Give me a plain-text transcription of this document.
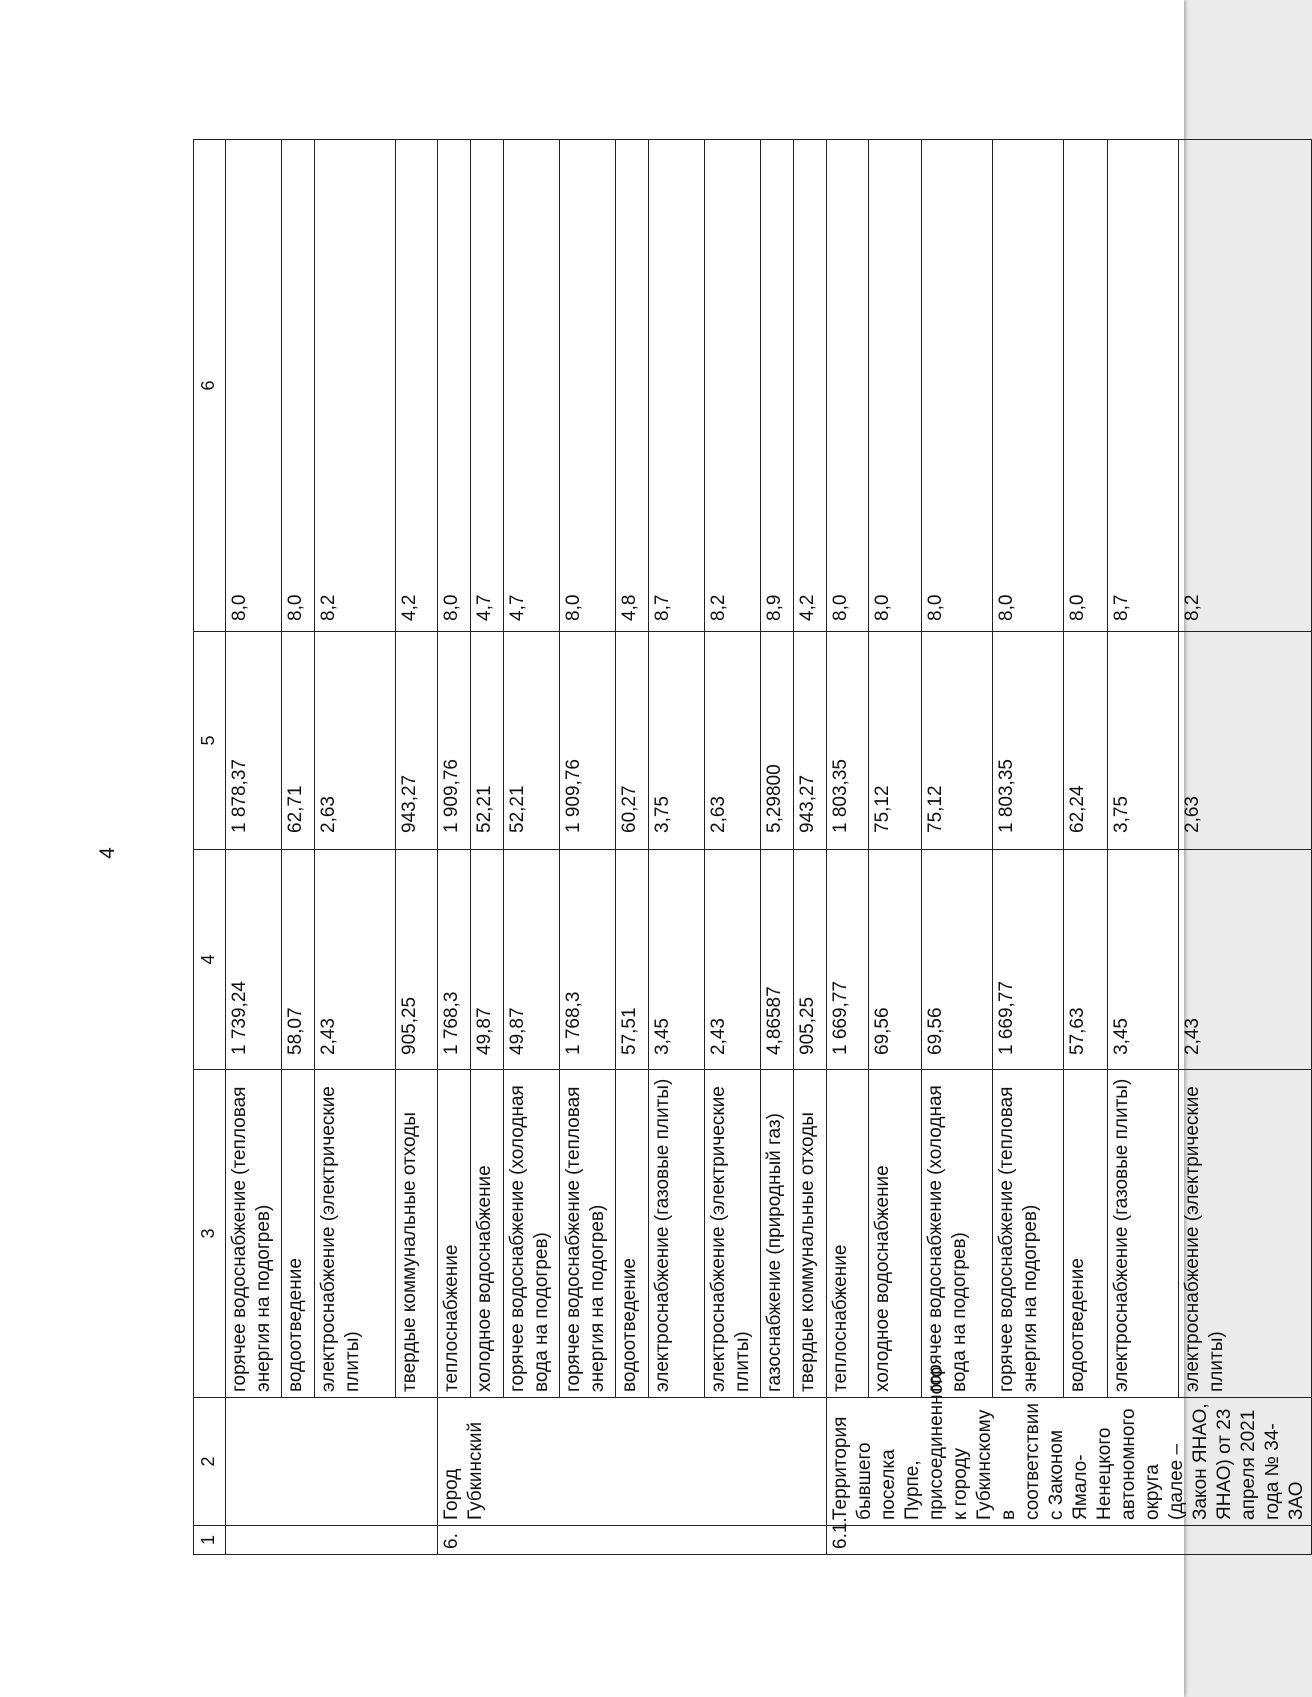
4
1	2	3	4	5	6
		горячее водоснабжение (тепловая энергия на подогрев)	1 739,24	1 878,37	8,0
		водоотведение	58,07	62,71	8,0
		электроснабжение (электрические плиты)	2,43	2,63	8,2
		твердые коммунальные отходы	905,25	943,27	4,2
6.	Город Губкинский	теплоснабжение	1 768,3	1 909,76	8,0
		холодное водоснабжение	49,87	52,21	4,7
		горячее водоснабжение (холодная вода на подогрев)	49,87	52,21	4,7
		горячее водоснабжение (тепловая энергия на подогрев)	1 768,3	1 909,76	8,0
		водоотведение	57,51	60,27	4,8
		электроснабжение (газовые плиты)	3,45	3,75	8,7
		электроснабжение (электрические плиты)	2,43	2,63	8,2
		газоснабжение (природный газ)	4,86587	5,29800	8,9
		твердые коммунальные отходы	905,25	943,27	4,2
6.1.	Территория бывшего поселка Пурпе, присоединенного к городу Губкинскому в соответствии с Законом Ямало-Ненецкого автономного округа (далее – Закон ЯНАО, ЯНАО) от 23 апреля 2021 года № 34-ЗАО	теплоснабжение	1 669,77	1 803,35	8,0
		холодное водоснабжение	69,56	75,12	8,0
		горячее водоснабжение (холодная вода на подогрев)	69,56	75,12	8,0
		горячее водоснабжение (тепловая энергия на подогрев)	1 669,77	1 803,35	8,0
		водоотведение	57,63	62,24	8,0
		электроснабжение (газовые плиты)	3,45	3,75	8,7
		электроснабжение (электрические плиты)	2,43	2,63	8,2
